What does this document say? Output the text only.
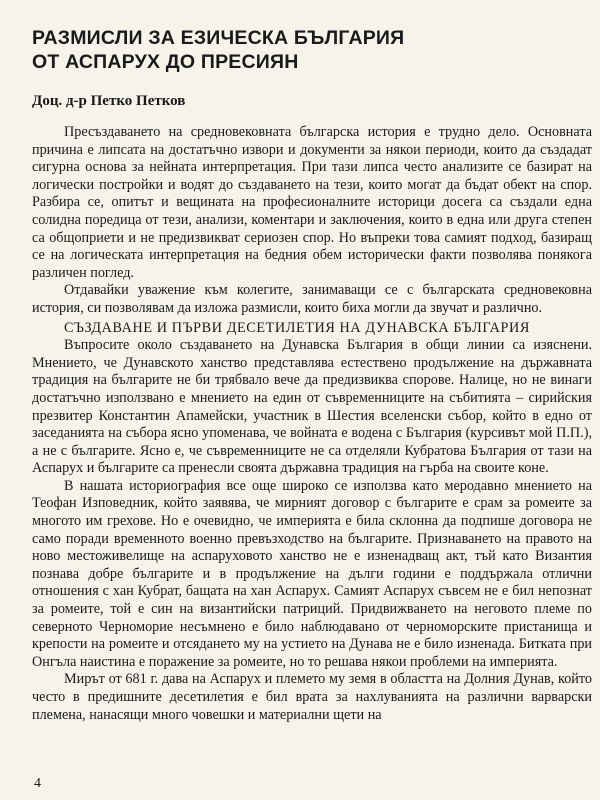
РАЗМИСЛИ ЗА ЕЗИЧЕСКА БЪЛГАРИЯ
ОТ АСПАРУХ ДО ПРЕСИЯН

Доц. д-р Петко Петков

Пресъздаването на средновековната българска история е трудно дело. Основната причина е липсата на достатъчно извори и документи за някои периоди, които да създадат сигурна основа за нейната интерпретация. При тази липса често анализите се базират на логически постройки и водят до създаването на тези, които могат да бъдат обект на спор. Разбира се, опитът и вещината на професионалните историци досега са създали една солидна поредица от тези, анализи, коментари и заключения, които в една или друга степен са общоприети и не предизвикват сериозен спор. Но въпреки това самият подход, базиращ се на логическата интерпретация на бедния обем исторически факти позволява понякога различен поглед.

Отдавайки уважение към колегите, занимаващи се с българската средновековна история, си позволявам да изложа размисли, които биха могли да звучат и различно.

СЪЗДАВАНЕ И ПЪРВИ ДЕСЕТИЛЕТИЯ НА ДУНАВСКА БЪЛГАРИЯ

Въпросите около създаването на Дунавска България в общи линии са изяснени. Мнението, че Дунавското ханство представлява естествено продължение на държавната традиция на българите не би трябвало вече да предизвиква спорове. Налице, но не винаги достатъчно използвано е мнението на един от съвременниците на събитията – сирийския презвитер Константин Апамейски, участник в Шестия вселенски събор, който в едно от заседанията на събора ясно упоменава, че войната е водена с България (курсивът мой П.П.), а не с българите. Ясно е, че съвременниците не са отделяли Кубратова България от тази на Аспарух и българите са пренесли своята държавна традиция на гърба на своите коне.

В нашата историография все още широко се използва като меродавно мнението на Теофан Изповедник, който заявява, че мирният договор с българите е срам за ромеите за многото им грехове. Но е очевидно, че империята е била склонна да подпише договора не само поради временното военно превъзходство на българите. Признаването на правото на ново местоживелище на аспаруховото ханство не е изненадващ акт, тъй като Византия познава добре българите и в продължение на дълги години е поддържала отлични отношения с хан Кубрат, бащата на хан Аспарух. Самият Аспарух съвсем не е бил непознат за ромеите, той е син на византийски патриций. Придвижването на неговото племе по северното Черноморие несъмнено е било наблюдавано от черноморските пристанища и крепости на ромеите и отсядането му на устието на Дунава не е било изненада. Битката при Онгъла наистина е поражение за ромеите, но то решава някои проблеми на империята.

Мирът от 681 г. дава на Аспарух и племето му земя в областта на Долния Дунав, който често в предишните десетилетия е бил врата за нахлуванията на различни варварски племена, нанасящи много човешки и материални щети на

4
